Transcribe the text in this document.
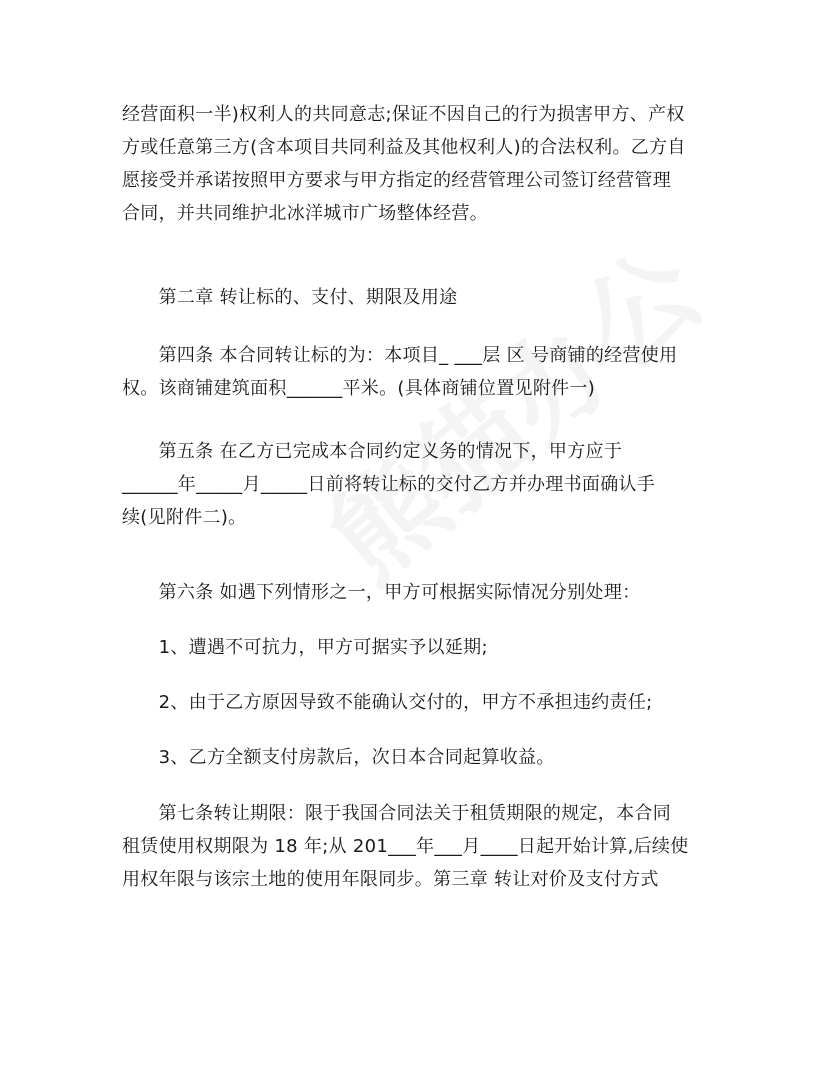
经营面积一半)权利人的共同意志;保证不因自己的行为损害甲方、产权
方或任意第三方(含本项目共同利益及其他权利人)的合法权利。乙方自
愿接受并承诺按照甲方要求与甲方指定的经营管理公司签订经营管理
合同，并共同维护北冰洋城市广场整体经营。

　　第二章 转让标的、支付、期限及用途

　　第四条 本合同转让标的为：本项目_ ___层 区 号商铺的经营使用
权。该商铺建筑面积______平米。(具体商铺位置见附件一)

　　第五条 在乙方已完成本合同约定义务的情况下，甲方应于
______年_____月_____日前将转让标的交付乙方并办理书面确认手
续(见附件二)。

　　第六条 如遇下列情形之一，甲方可根据实际情况分别处理：

　　1、遭遇不可抗力，甲方可据实予以延期;

　　2、由于乙方原因导致不能确认交付的，甲方不承担违约责任;

　　3、乙方全额支付房款后，次日本合同起算收益。

　　第七条转让期限：限于我国合同法关于租赁期限的规定，本合同
租赁使用权期限为 18 年;从 201___年___月____日起开始计算,后续使
用权年限与该宗土地的使用年限同步。第三章 转让对价及支付方式
